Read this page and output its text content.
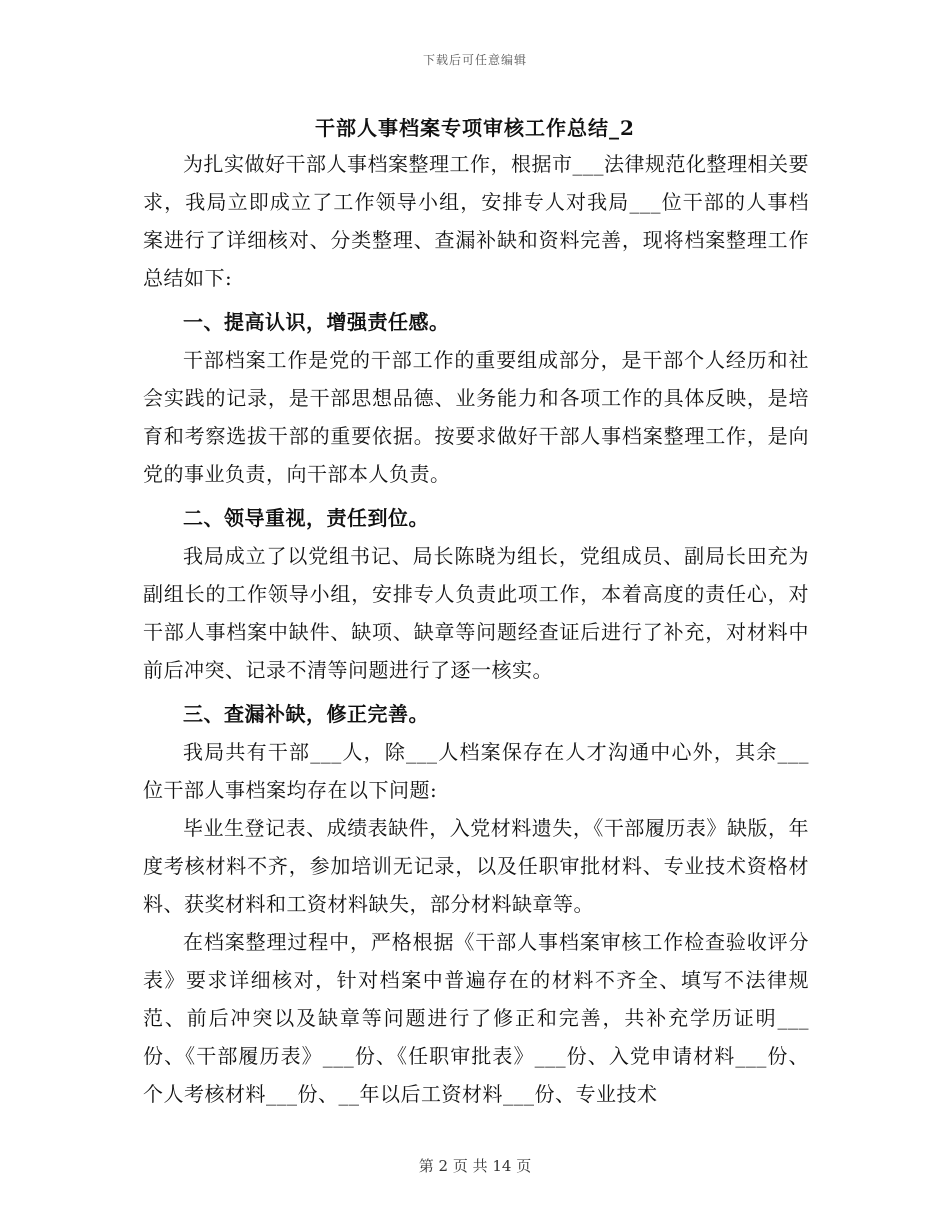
下载后可任意编辑
干部人事档案专项审核工作总结_2

为扎实做好干部人事档案整理工作，根据市___法律规范化整理相关要求，我局立即成立了工作领导小组，安排专人对我局___位干部的人事档案进行了详细核对、分类整理、查漏补缺和资料完善，现将档案整理工作总结如下:

一、提高认识，增强责任感。

干部档案工作是党的干部工作的重要组成部分，是干部个人经历和社会实践的记录，是干部思想品德、业务能力和各项工作的具体反映，是培育和考察选拔干部的重要依据。按要求做好干部人事档案整理工作，是向党的事业负责，向干部本人负责。

二、领导重视，责任到位。

我局成立了以党组书记、局长陈晓为组长，党组成员、副局长田充为副组长的工作领导小组，安排专人负责此项工作，本着高度的责任心，对干部人事档案中缺件、缺项、缺章等问题经查证后进行了补充，对材料中前后冲突、记录不清等问题进行了逐一核实。

三、查漏补缺，修正完善。

我局共有干部___人，除___人档案保存在人才沟通中心外，其余___位干部人事档案均存在以下问题:

毕业生登记表、成绩表缺件，入党材料遗失，《干部履历表》缺版，年度考核材料不齐，参加培训无记录，以及任职审批材料、专业技术资格材料、获奖材料和工资材料缺失，部分材料缺章等。

在档案整理过程中，严格根据《干部人事档案审核工作检查验收评分表》要求详细核对，针对档案中普遍存在的材料不齐全、填写不法律规范、前后冲突以及缺章等问题进行了修正和完善，共补充学历证明___份、《干部履历表》___份、《任职审批表》___份、入党申请材料___份、个人考核材料___份、__年以后工资材料___份、专业技术

第 2 页 共 14 页
